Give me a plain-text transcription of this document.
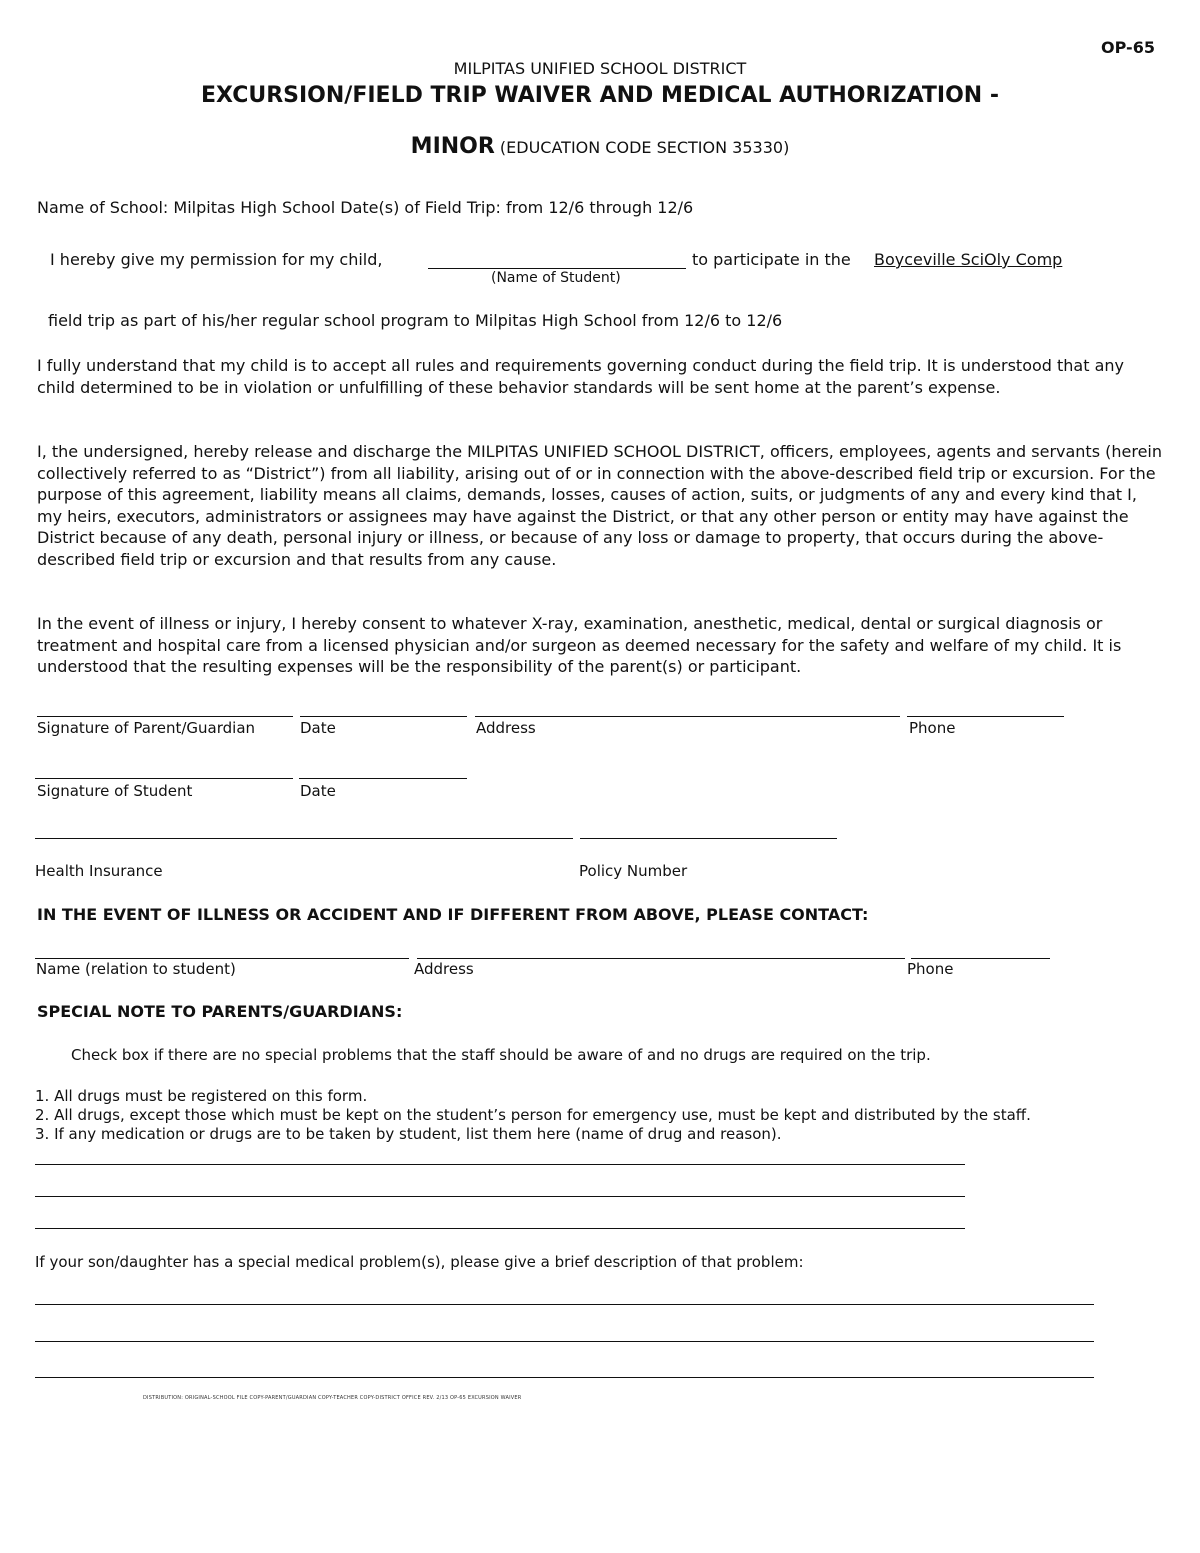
OP-65
MILPITAS UNIFIED SCHOOL DISTRICT
EXCURSION/FIELD TRIP WAIVER AND MEDICAL AUTHORIZATION -
MINOR (EDUCATION CODE SECTION 35330)
Name of School: Milpitas High School Date(s) of Field Trip: from 12/6 through 12/6
I hereby give my permission for my child,	to participate in the Boyceville SciOly Comp
(Name of Student)
field trip as part of his/her regular school program to Milpitas High School from 12/6 to 12/6

I fully understand that my child is to accept all rules and requirements governing conduct during the field trip. It is understood that any child determined to be in violation or unfulfilling of these behavior standards will be sent home at the parent’s expense.

I, the undersigned, hereby release and discharge the MILPITAS UNIFIED SCHOOL DISTRICT, officers, employees, agents and servants (herein collectively referred to as “District”) from all liability, arising out of or in connection with the above-described field trip or excursion. For the purpose of this agreement, liability means all claims, demands, losses, causes of action, suits, or judgments of any and every kind that I, my heirs, executors, administrators or assignees may have against the District, or that any other person or entity may have against the District because of any death, personal injury or illness, or because of any loss or damage to property, that occurs during the above-described field trip or excursion and that results from any cause.

In the event of illness or injury, I hereby consent to whatever X-ray, examination, anesthetic, medical, dental or surgical diagnosis or treatment and hospital care from a licensed physician and/or surgeon as deemed necessary for the safety and welfare of my child. It is understood that the resulting expenses will be the responsibility of the parent(s) or participant.

Signature of Parent/Guardian	Date	Address	Phone
Signature of Student	Date
Health Insurance	Policy Number
IN THE EVENT OF ILLNESS OR ACCIDENT AND IF DIFFERENT FROM ABOVE, PLEASE CONTACT:
Name (relation to student)	Address	Phone
SPECIAL NOTE TO PARENTS/GUARDIANS:
Check box if there are no special problems that the staff should be aware of and no drugs are required on the trip.
1. All drugs must be registered on this form.
2. All drugs, except those which must be kept on the student’s person for emergency use, must be kept and distributed by the staff.
3. If any medication or drugs are to be taken by student, list them here (name of drug and reason).
If your son/daughter has a special medical problem(s), please give a brief description of that problem:
DISTRIBUTION: ORIGINAL-SCHOOL FILE COPY-PARENT/GUARDIAN COPY-TEACHER COPY-DISTRICT OFFICE REV. 2/13 OP-65 EXCURSION WAIVER
